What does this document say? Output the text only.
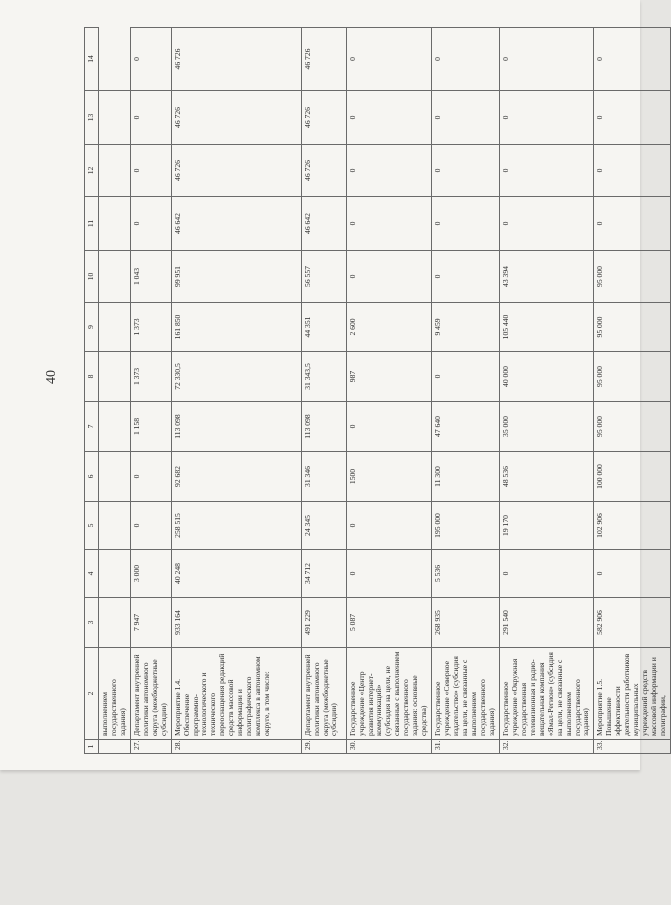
40
1	2	3	4	5	6	7	8	9	10	11	12	13	14
	выполнением государственного задания)												
27.	Департамент внутренней политики автономного округа (межбюджетные субсидии)	7 947	3 000	0	0	1 158	1 373	1 373	1 043	0	0	0	0
28.	Мероприятие 1.4. Обеспечение программно-технологического и технического переоснащения редакций средств массовой информации и полиграфического комплекса в автономном округе, в том числе:	933 164	40 248	258 515	92 682	113 098	72 330,5	161 850	99 951	46 642	46 726	46 726	46 726
29.	Департамент внутренней политики автономного округа (межбюджетные субсидии)	491 229	34 712	24 345	31 346	113 098	31 343,5	44 351	56 557	46 642	46 726	46 726	46 726
30.	Государственное учреждение «Центр развития интернет-коммуникаций» (субсидия на цели, не связанные с выполнением государственного задания: основные средства)	5 087	0	0	1500	0	987	2 600	0	0	0	0	0
31.	Государственное учреждение «Северное издательство» (субсидия на цели, не связанные с выполнением государственного задания)	268 935	5 536	195 000	11 300	47 640	0	9 459	0	0	0	0	0
32.	Государственное учреждение «Окружная государственная телевизионная и радио-вещательная компания «Ямал-Регион» (субсидия на цели, не связанные с выполнением государственного задания)	291 540	0	19 170	48 536	35 000	40 000	105 440	43 394	0	0	0	0
33.	Мероприятие 1.5. Повышение эффективности деятельности работников муниципальных учреждений средств массовой информации и полиграфии,	582 906	0	102 906	100 000	95 000	95 000	95 000	95 000	0	0	0	0
